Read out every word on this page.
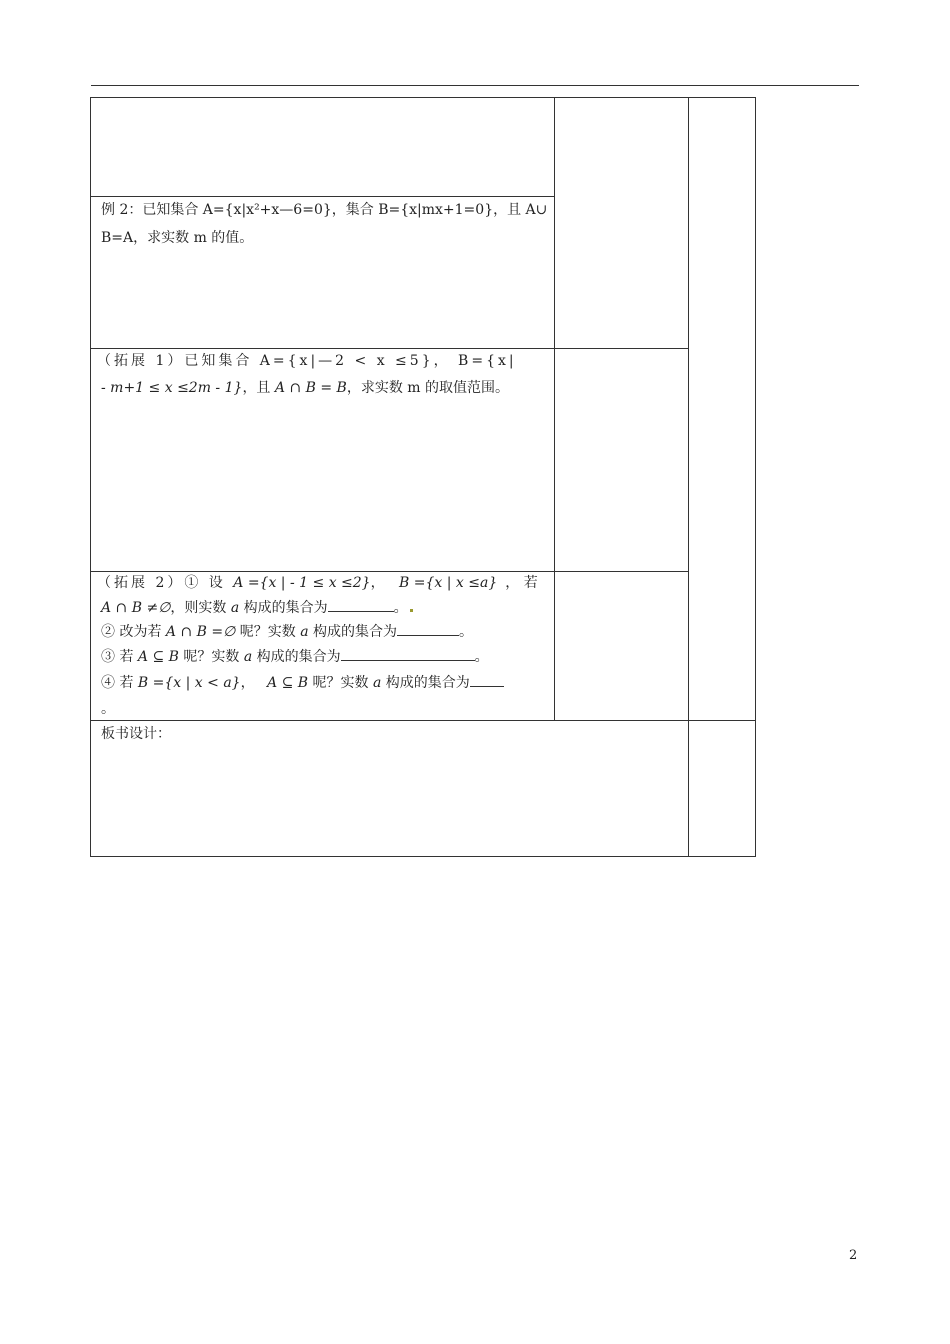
例 2：已知集合 A={x|x²+x—6=0}，集合 B={x|mx+1=0}，且 A∪
B=A，求实数 m 的值。
（拓展 1）已知集合 A={x|—2 < x ≤5}， B={x|
- m+1 ≤ x ≤2m - 1}，且 A ∩ B = B，求实数 m 的取值范围。
（拓展 2）① 设 A ={x | - 1 ≤ x ≤2}， B ={x | x ≤a} ， 若
A ∩ B ≠∅，则实数 a 构成的集合为	。
② 改为若 A ∩ B =∅ 呢？实数 a 构成的集合为	。
③ 若 A ⊆ B 呢？实数 a 构成的集合为	。
④ 若 B ={x | x < a}， A ⊆ B 呢？实数 a 构成的集合为
。
板书设计：
2
